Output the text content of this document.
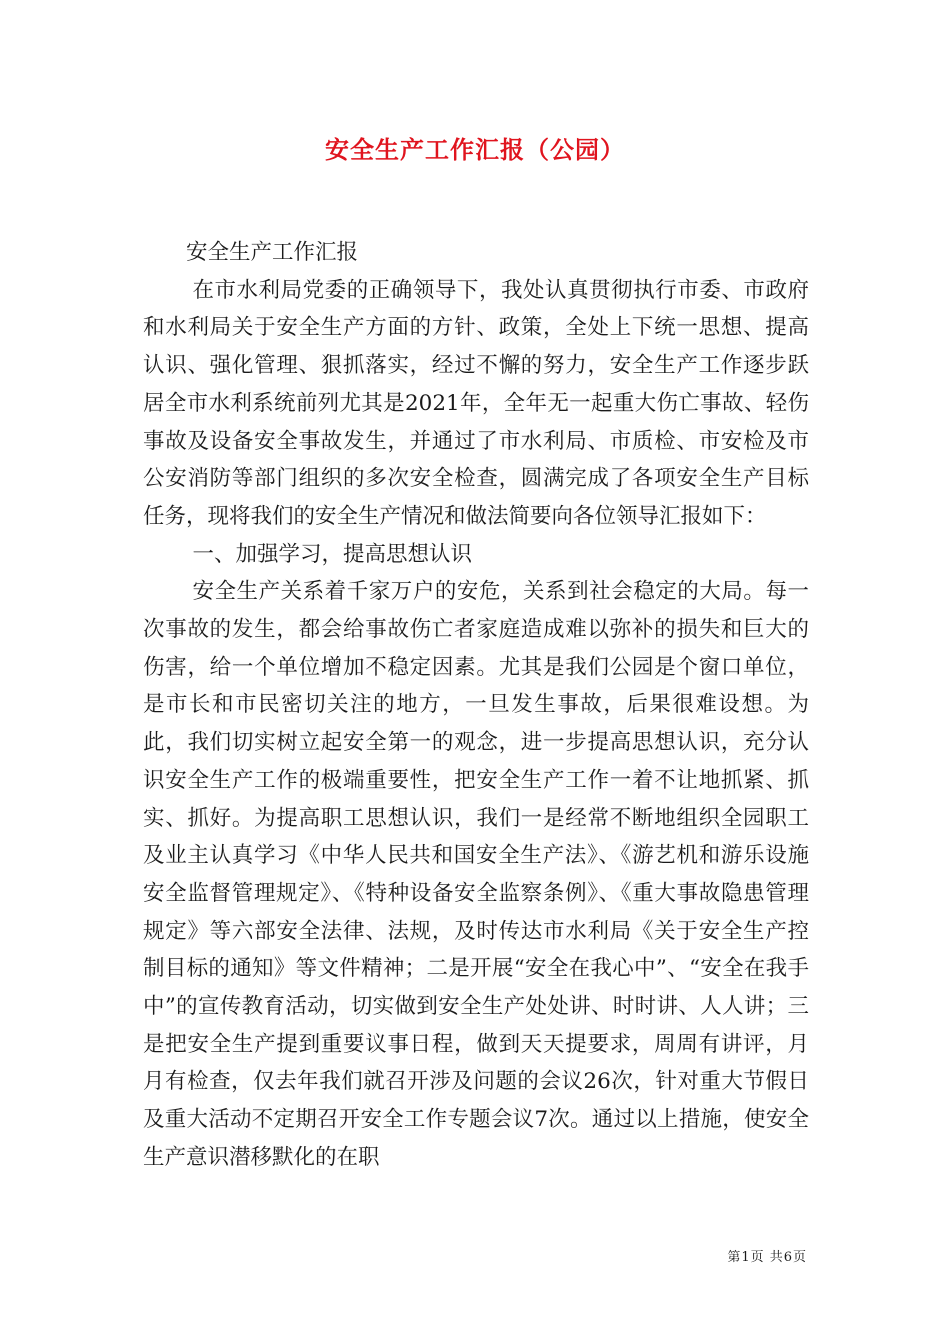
安全生产工作汇报（公园）

安全生产工作汇报

在市水利局党委的正确领导下，我处认真贯彻执行市委、市政府和水利局关于安全生产方面的方针、政策，全处上下统一思想、提高认识、强化管理、狠抓落实，经过不懈的努力，安全生产工作逐步跃居全市水利系统前列尤其是2021年，全年无一起重大伤亡事故、轻伤事故及设备安全事故发生，并通过了市水利局、市质检、市安检及市公安消防等部门组织的多次安全检查，圆满完成了各项安全生产目标任务，现将我们的安全生产情况和做法简要向各位领导汇报如下：

一、加强学习，提高思想认识

安全生产关系着千家万户的安危，关系到社会稳定的大局。每一次事故的发生，都会给事故伤亡者家庭造成难以弥补的损失和巨大的伤害，给一个单位增加不稳定因素。尤其是我们公园是个窗口单位，是市长和市民密切关注的地方，一旦发生事故，后果很难设想。为此，我们切实树立起安全第一的观念，进一步提高思想认识，充分认识安全生产工作的极端重要性，把安全生产工作一着不让地抓紧、抓实、抓好。为提高职工思想认识，我们一是经常不断地组织全园职工及业主认真学习《中华人民共和国安全生产法》、《游艺机和游乐设施安全监督管理规定》、《特种设备安全监察条例》、《重大事故隐患管理规定》等六部安全法律、法规，及时传达市水利局《关于安全生产控制目标的通知》等文件精神；二是开展“安全在我心中”、“安全在我手中”的宣传教育活动，切实做到安全生产处处讲、时时讲、人人讲；三是把安全生产提到重要议事日程，做到天天提要求，周周有讲评，月月有检查，仅去年我们就召开涉及问题的会议26次，针对重大节假日及重大活动不定期召开安全工作专题会议7次。通过以上措施，使安全生产意识潜移默化的在职

第1页 共6页
